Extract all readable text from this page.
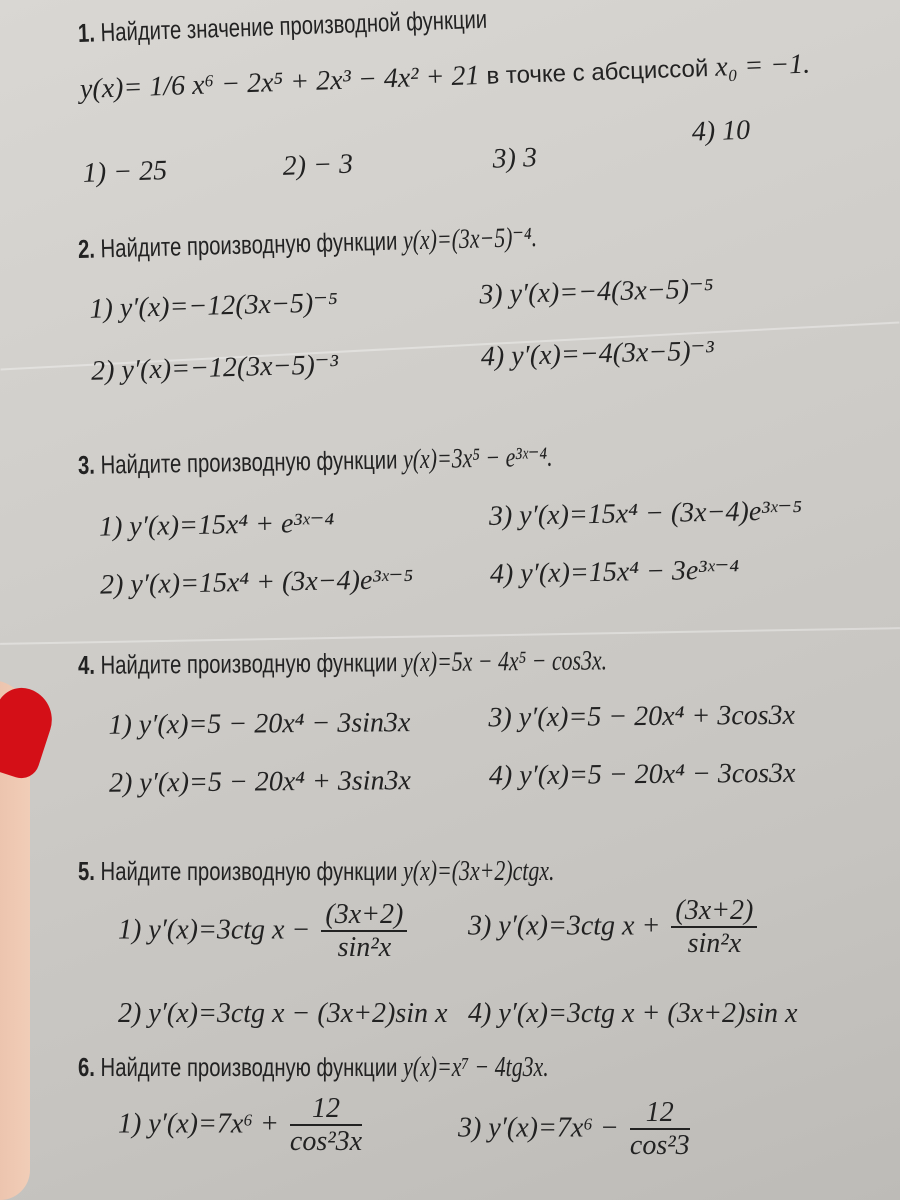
1. Найдите значение производной функции
y(x)= 1/6 x⁶ − 2x⁵ + 2x³ − 4x² + 21 в точке с абсциссой x₀ = −1.
1) − 25	2) − 3	3) 3
4) 10
2. Найдите производную функции y(x)=(3x−5)⁻⁴.
1) y′(x)=−12(3x−5)⁻⁵	3) y′(x)=−4(3x−5)⁻⁵
2) y′(x)=−12(3x−5)⁻³	4) y′(x)=−4(3x−5)⁻³
3. Найдите производную функции y(x)=3x⁵ − e³ˣ⁻⁴.
1) y′(x)=15x⁴ + e³ˣ⁻⁴	3) y′(x)=15x⁴ − (3x−4)e³ˣ⁻⁵
2) y′(x)=15x⁴ + (3x−4)e³ˣ⁻⁵	4) y′(x)=15x⁴ − 3e³ˣ⁻⁴
4. Найдите производную функции y(x)=5x − 4x⁵ − cos3x.
1) y′(x)=5 − 20x⁴ − 3sin3x	3) y′(x)=5 − 20x⁴ + 3cos3x
2) y′(x)=5 − 20x⁴ + 3sin3x	4) y′(x)=5 − 20x⁴ − 3cos3x
5. Найдите производную функции y(x)=(3x+2)ctgx.
1) y′(x)=3ctg $x - \frac{(3x+2)}{\text{sin²x}} 3$) y′(x)=3ctg $x + \frac{(3x+2)}{\text{sin²x}}$
2) y′(x)=3ctg x − (3x+2)sin x 4) y′(x)=3ctg x + (3x+2)sin x
6. Найдите производную функции y(x)=x⁷ − 4tg3x.
1) $y'(x)=7x^6 + \frac{12}{\text{cos²3x}}$	3) $y'(x)=7x^6 - \frac{12}{\text{cos²3}}$
